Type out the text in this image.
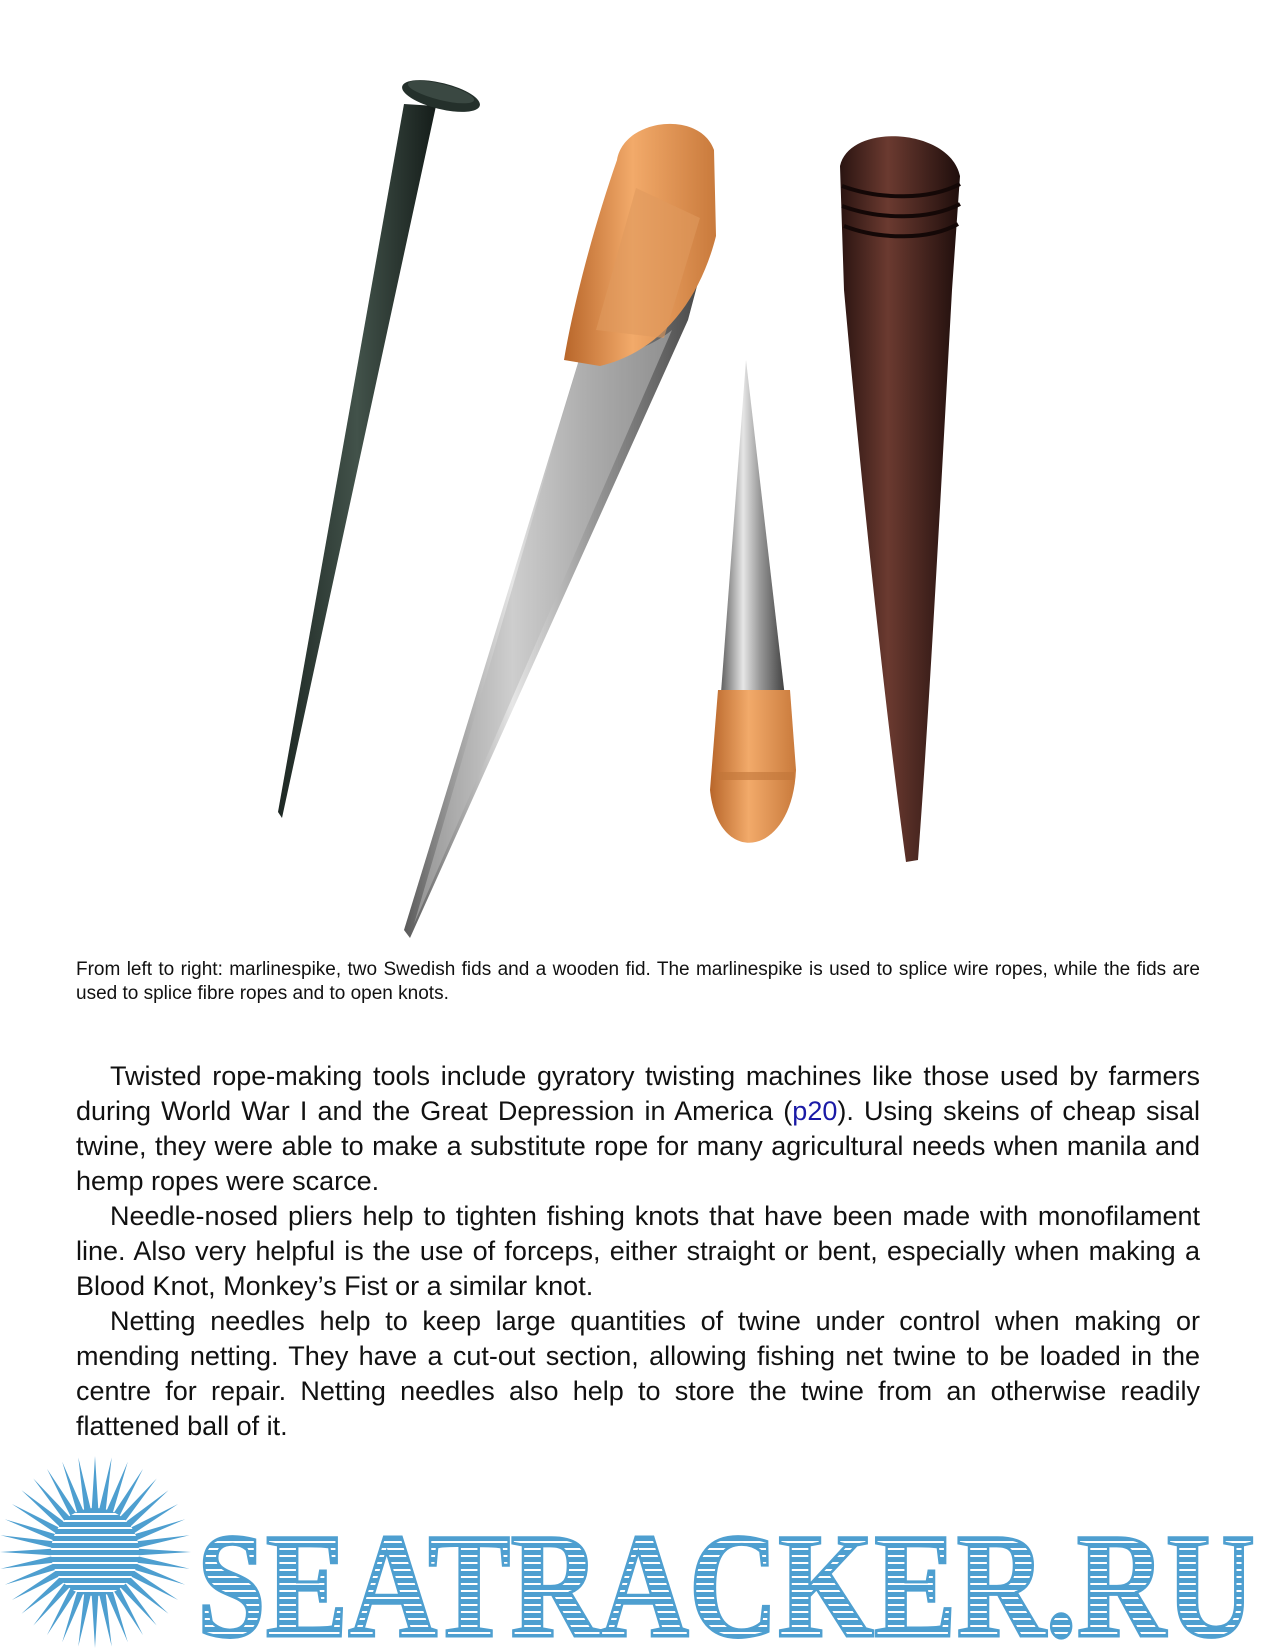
From left to right: marlinespike, two Swedish fids and a wooden fid. The marlinespike is used to splice wire ropes, while the fids are used to splice fibre ropes and to open knots.

Twisted rope-making tools include gyratory twisting machines like those used by farmers during World War I and the Great Depression in America (p20). Using skeins of cheap sisal twine, they were able to make a substitute rope for many agricultural needs when manila and hemp ropes were scarce.

Needle-nosed pliers help to tighten fishing knots that have been made with monofilament line. Also very helpful is the use of forceps, either straight or bent, especially when making a Blood Knot, Monkey’s Fist or a similar knot.

Netting needles help to keep large quantities of twine under control when making or mending netting. They have a cut-out section, allowing fishing net twine to be loaded in the centre for repair. Netting needles also help to store the twine from an otherwise readily flattened ball of it.

SEATRACKER.RU
